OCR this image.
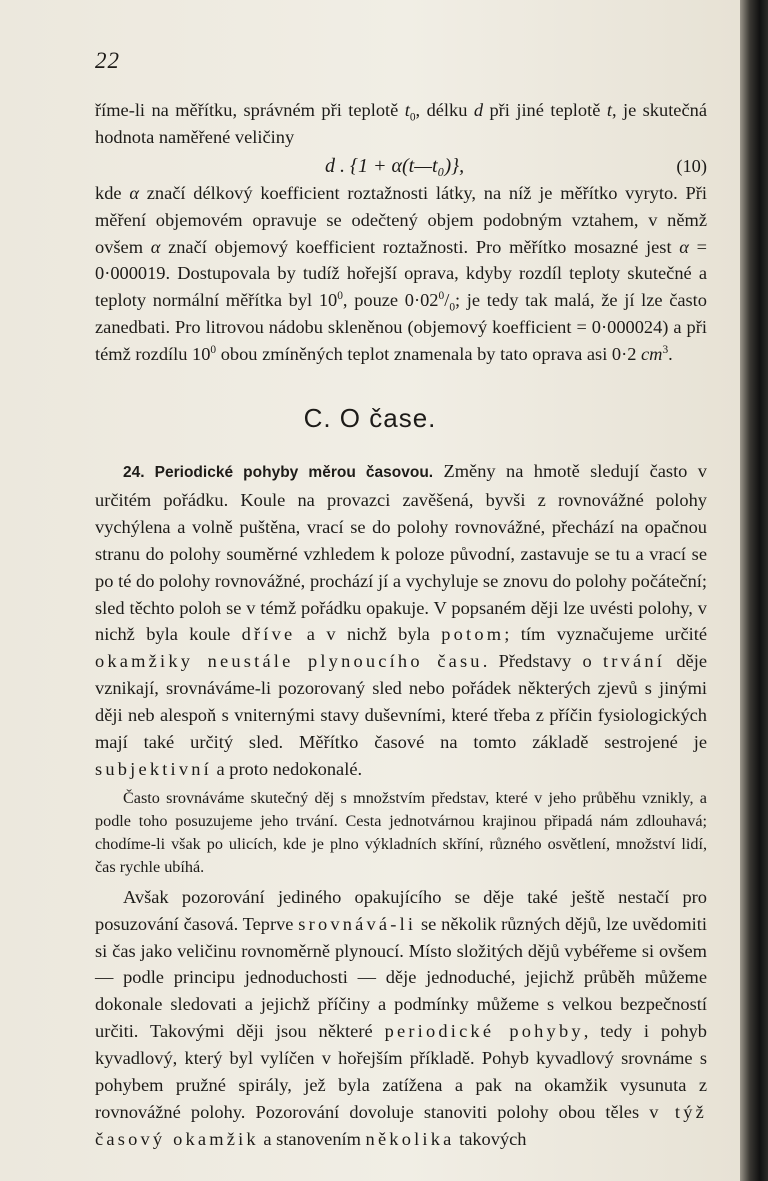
22

říme-li na měřítku, správném při teplotě $t_0$, délku d při jiné teplotě t, je skutečná hodnota naměřené veličiny

d . {1 + α(t—t₀)},	(10)

kde α značí délkový koefficient roztažnosti látky, na níž je měřítko vyryto. Při měření objemovém opravuje se odečtený objem podobným vztahem, v němž ovšem α značí objemový koefficient roztažnosti. Pro měřítko mosazné jest α = 0·000019. Dostupovala by tudíž hořejší oprava, kdyby rozdíl teploty skutečné a teploty normální měřítka byl $10^0$, pouze $0\cdot 02^0/_0$; je tedy tak malá, že jí lze často zanedbati. Pro litrovou nádobu skleněnou (objemový koefficient = 0·000024) a při témž rozdílu $10^0$ obou zmíněných teplot znamenala by tato oprava asi 0·2 $cm^3$.

C. O čase.

24. Periodické pohyby měrou časovou. Změny na hmotě sledují často v určitém pořádku. Koule na provazci zavěšená, byvši z rovnovážné polohy vychýlena a volně puštěna, vrací se do polohy rovnovážné, přechází na opačnou stranu do polohy souměrné vzhledem k poloze původní, zastavuje se tu a vrací se po té do polohy rovnovážné, prochází jí a vychyluje se znovu do polohy počáteční; sled těchto poloh se v témž pořádku opakuje. V popsaném ději lze uvésti polohy, v nichž byla koule dříve a v nichž byla potom; tím vyznačujeme určité okamžiky neustále plynoucího času. Představy o trvání děje vznikají, srovnáváme-li pozorovaný sled nebo pořádek některých zjevů s jinými ději neb alespoň s vniternými stavy duševními, které třeba z příčin fysiologických mají také určitý sled. Měřítko časové na tomto základě sestrojené je subjektivní a proto nedokonalé.

Často srovnáváme skutečný děj s množstvím představ, které v jeho průběhu vznikly, a podle toho posuzujeme jeho trvání. Cesta jednotvárnou krajinou připadá nám zdlouhavá; chodíme-li však po ulicích, kde je plno výkladních skříní, různého osvětlení, množství lidí, čas rychle ubíhá.

Avšak pozorování jediného opakujícího se děje také ještě nestačí pro posuzování časová. Teprve srovnává-li se několik různých dějů, lze uvědomiti si čas jako veličinu rovnoměrně plynoucí. Místo složitých dějů vybéřeme si ovšem — podle principu jednoduchosti — děje jednoduché, jejichž průběh můžeme dokonale sledovati a jejichž příčiny a podmínky můžeme s velkou bezpečností určiti. Takovými ději jsou některé periodické pohyby, tedy i pohyb kyvadlový, který byl vylíčen v hořejším příkladě. Pohyb kyvadlový srovnáme s pohybem pružné spirály, jež byla zatížena a pak na okamžik vysunuta z rovnovážné polohy. Pozorování dovoluje stanoviti polohy obou těles v týž časový okamžik a stanovením několika takových
